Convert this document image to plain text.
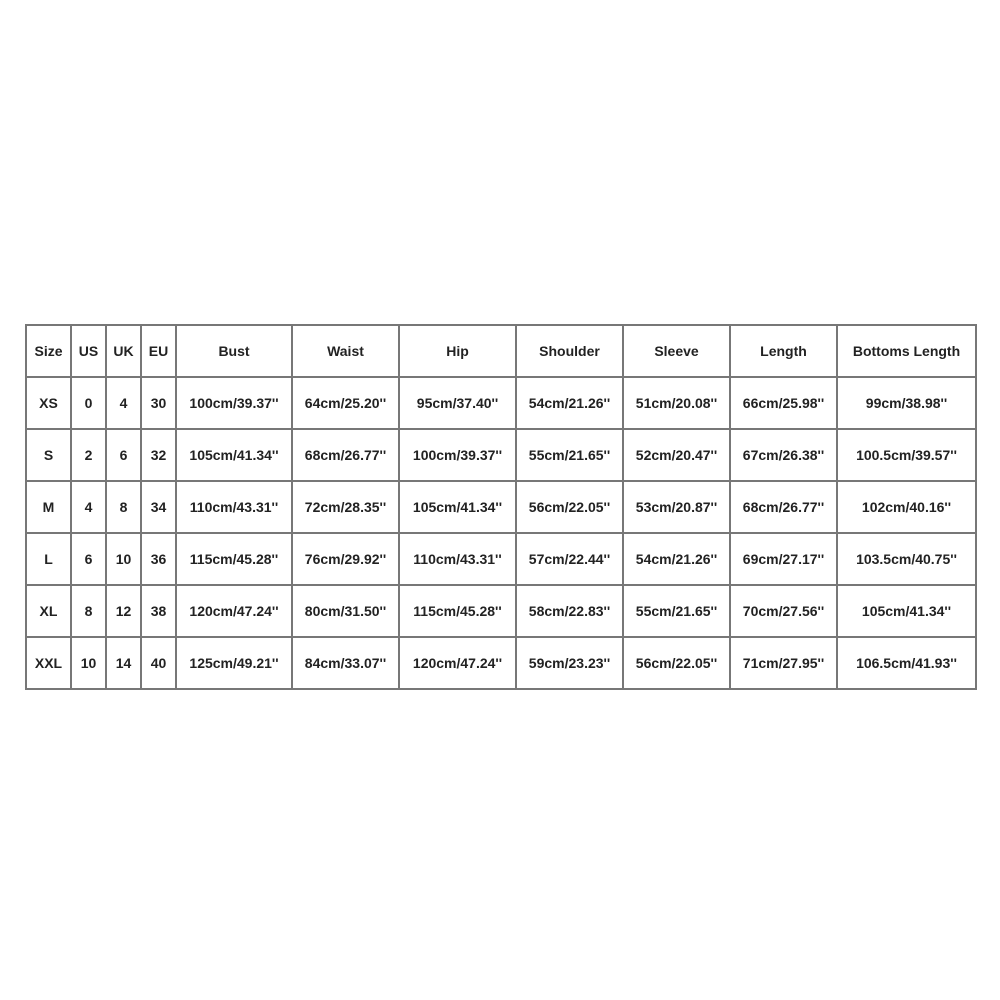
Size	US	UK	EU	Bust	Waist	Hip	Shoulder	Sleeve	Length	Bottoms Length
XS	0	4	30	100cm/39.37''	64cm/25.20''	95cm/37.40''	54cm/21.26''	51cm/20.08''	66cm/25.98''	99cm/38.98''
S	2	6	32	105cm/41.34''	68cm/26.77''	100cm/39.37''	55cm/21.65''	52cm/20.47''	67cm/26.38''	100.5cm/39.57''
M	4	8	34	110cm/43.31''	72cm/28.35''	105cm/41.34''	56cm/22.05''	53cm/20.87''	68cm/26.77''	102cm/40.16''
L	6	10	36	115cm/45.28''	76cm/29.92''	110cm/43.31''	57cm/22.44''	54cm/21.26''	69cm/27.17''	103.5cm/40.75''
XL	8	12	38	120cm/47.24''	80cm/31.50''	115cm/45.28''	58cm/22.83''	55cm/21.65''	70cm/27.56''	105cm/41.34''
XXL	10	14	40	125cm/49.21''	84cm/33.07''	120cm/47.24''	59cm/23.23''	56cm/22.05''	71cm/27.95''	106.5cm/41.93''
